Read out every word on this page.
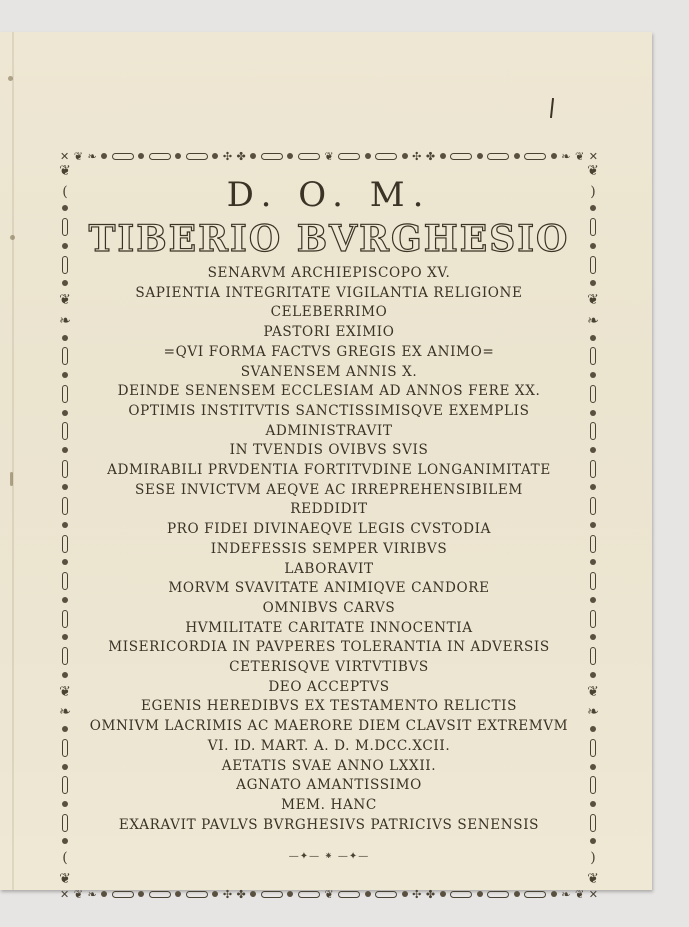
✕ ❦ ❧	✣ ✤	❦	✣ ✤	❧ ❦ ✕
❦
(
❦
❧
❦
❧
(
❦
❦
)
❦
❧
❦
❧
)
❦
✕ ❦ ❧	✣ ✤	❦	✣ ✤	❧ ❦ ✕
D. O. M.
TIBERIO BVRGHESIO
SENARVM ARCHIEPISCOPO XV.
SAPIENTIA INTEGRITATE VIGILANTIA RELIGIONE
CELEBERRIMO
PASTORI EXIMIO
=QVI FORMA FACTVS GREGIS EX ANIMO=
SVANENSEM ANNIS X.
DEINDE SENENSEM ECCLESIAM AD ANNOS FERE XX.
OPTIMIS INSTITVTIS SANCTISSIMISQVE EXEMPLIS
ADMINISTRAVIT
IN TVENDIS OVIBVS SVIS
ADMIRABILI PRVDENTIA FORTITVDINE LONGANIMITATE
SESE INVICTVM AEQVE AC IRREPREHENSIBILEM
REDDIDIT
PRO FIDEI DIVINAEQVE LEGIS CVSTODIA
INDEFESSIS SEMPER VIRIBVS
LABORAVIT
MORVM SVAVITATE ANIMIQVE CANDORE
OMNIBVS CARVS
HVMILITATE CARITATE INNOCENTIA
MISERICORDIA IN PAVPERES TOLERANTIA IN ADVERSIS
CETERISQVE VIRTVTIBVS
DEO ACCEPTVS
EGENIS HEREDIBVS EX TESTAMENTO RELICTIS
OMNIVM LACRIMIS AC MAERORE DIEM CLAVSIT EXTREMVM
VI. ID. MART. A. D. M.DCC.XCII.
AETATIS SVAE ANNO LXXII.
AGNATO AMANTISSIMO
MEM. HANC
EXARAVIT PAVLVS BVRGHESIVS PATRICIVS SENENSIS
—✦— ⁕ —✦—
